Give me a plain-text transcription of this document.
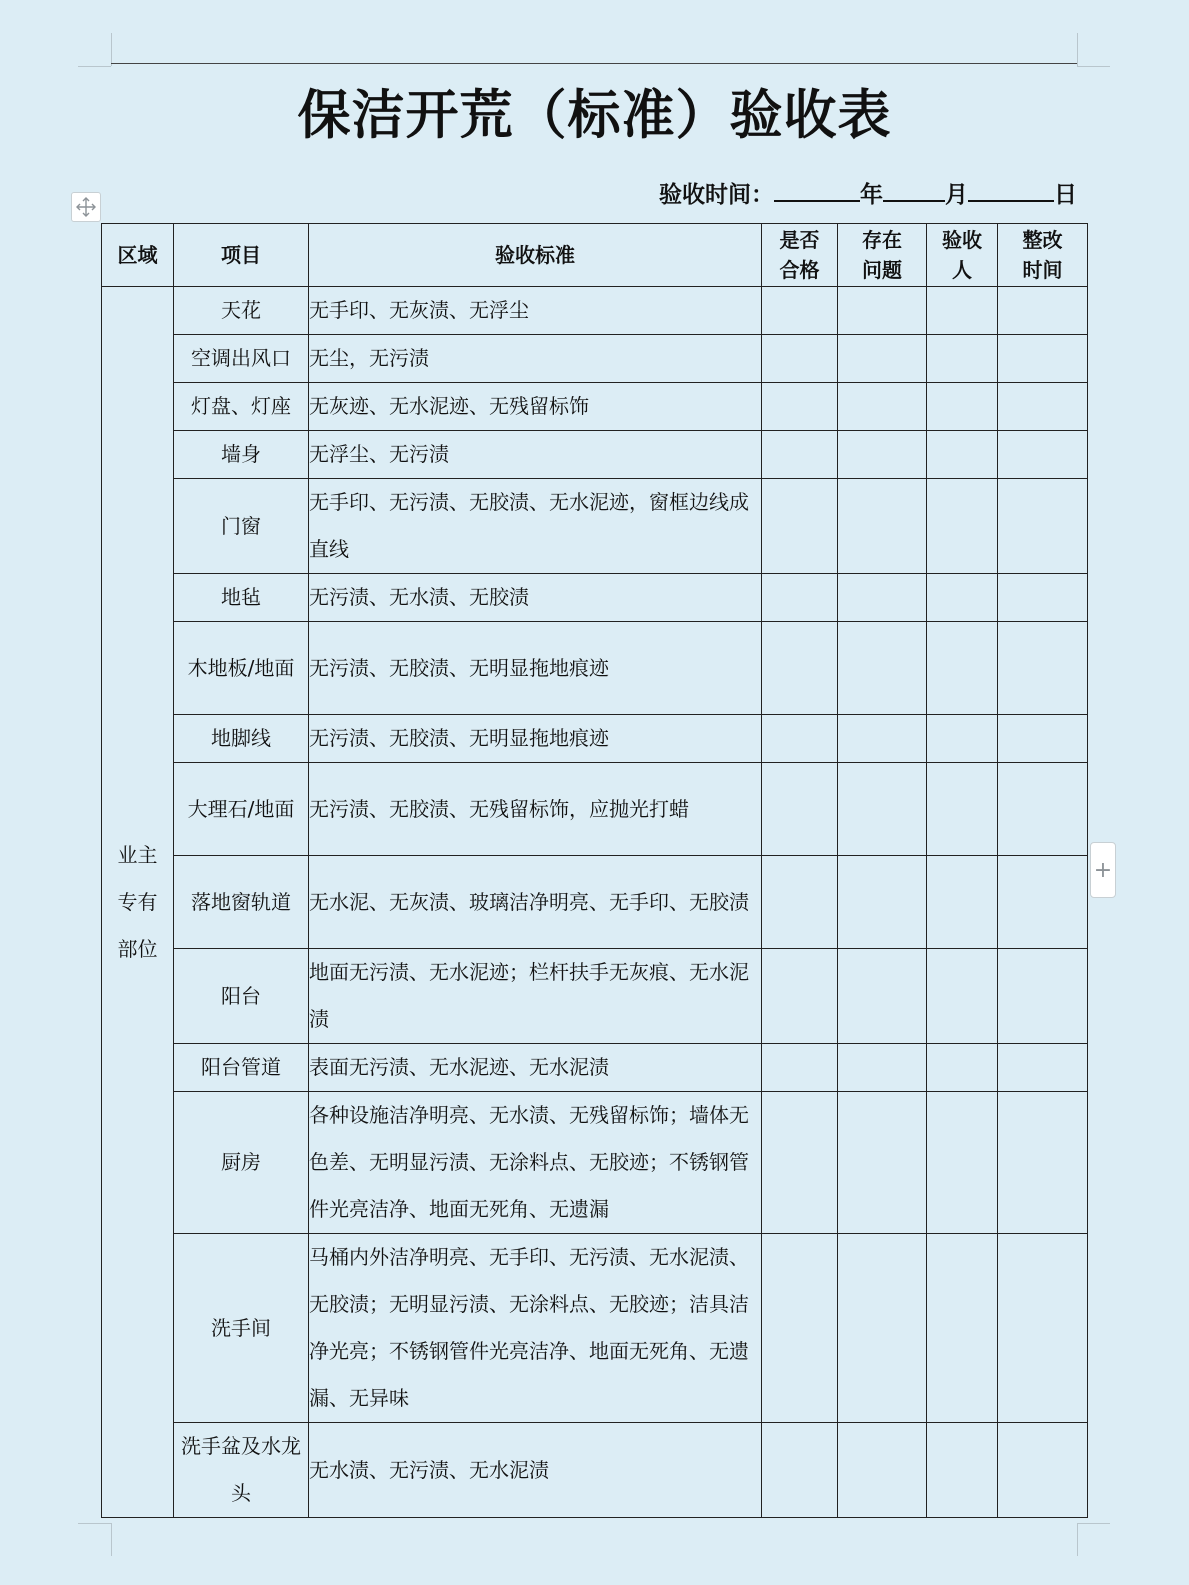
保洁开荒（标准）验收表
验收时间：	年	月	日
+
区域	项目	验收标准	是否合格	存在问题	验收人	整改时间
业主专有部位	天花	无手印、无灰渍、无浮尘				
	空调出风口	无尘，无污渍				
	灯盘、灯座	无灰迹、无水泥迹、无残留标饰				
	墙身	无浮尘、无污渍				
	门窗	无手印、无污渍、无胶渍、无水泥迹，窗框边线成直线				
	地毡	无污渍、无水渍、无胶渍				
	木地板/地面	无污渍、无胶渍、无明显拖地痕迹				
	地脚线	无污渍、无胶渍、无明显拖地痕迹				
	大理石/地面	无污渍、无胶渍、无残留标饰，应抛光打蜡				
	落地窗轨道	无水泥、无灰渍、玻璃洁净明亮、无手印、无胶渍				
	阳台	地面无污渍、无水泥迹；栏杆扶手无灰痕、无水泥渍				
	阳台管道	表面无污渍、无水泥迹、无水泥渍				
	厨房	各种设施洁净明亮、无水渍、无残留标饰；墙体无色差、无明显污渍、无涂料点、无胶迹；不锈钢管件光亮洁净、地面无死角、无遗漏				
	洗手间	马桶内外洁净明亮、无手印、无污渍、无水泥渍、无胶渍；无明显污渍、无涂料点、无胶迹；洁具洁净光亮；不锈钢管件光亮洁净、地面无死角、无遗漏、无异味				
	洗手盆及水龙头	无水渍、无污渍、无水泥渍				
